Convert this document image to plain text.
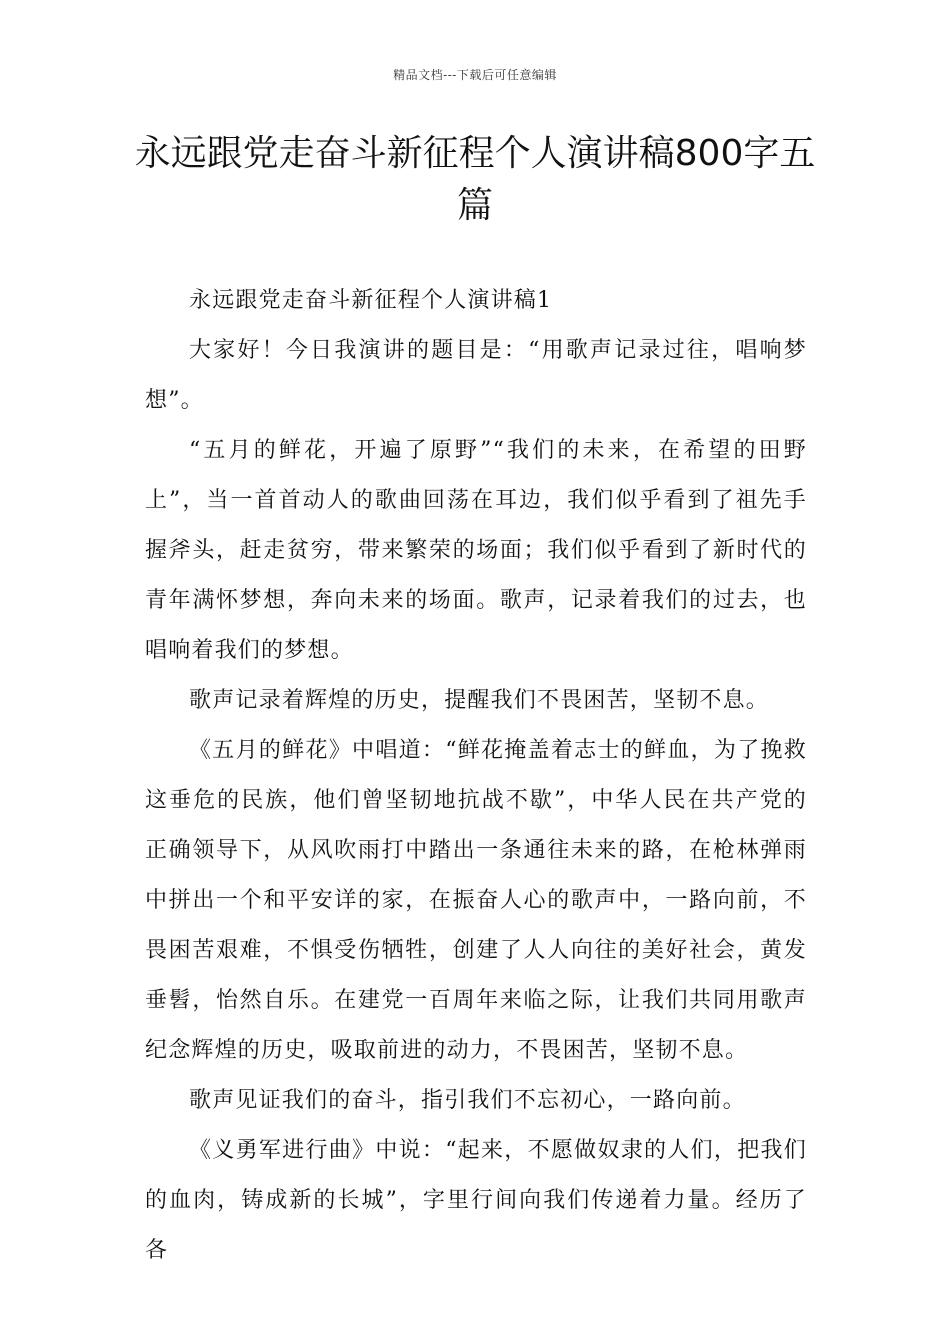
精品文档---下载后可任意编辑
永远跟党走奋斗新征程个人演讲稿800字五篇

永远跟党走奋斗新征程个人演讲稿1

大家好！今日我演讲的题目是：“用歌声记录过往，唱响梦想”。

“五月的鲜花，开遍了原野”“我们的未来，在希望的田野上”，当一首首动人的歌曲回荡在耳边，我们似乎看到了祖先手握斧头，赶走贫穷，带来繁荣的场面；我们似乎看到了新时代的青年满怀梦想，奔向未来的场面。歌声，记录着我们的过去，也唱响着我们的梦想。

歌声记录着辉煌的历史，提醒我们不畏困苦，坚韧不息。

《五月的鲜花》中唱道：“鲜花掩盖着志士的鲜血，为了挽救这垂危的民族，他们曾坚韧地抗战不歇”，中华人民在共产党的正确领导下，从风吹雨打中踏出一条通往未来的路，在枪林弹雨中拼出一个和平安详的家，在振奋人心的歌声中，一路向前，不畏困苦艰难，不惧受伤牺牲，创建了人人向往的美好社会，黄发垂髫，怡然自乐。在建党一百周年来临之际，让我们共同用歌声纪念辉煌的历史，吸取前进的动力，不畏困苦，坚韧不息。

歌声见证我们的奋斗，指引我们不忘初心，一路向前。

《义勇军进行曲》中说：“起来，不愿做奴隶的人们，把我们的血肉，铸成新的长城”，字里行间向我们传递着力量。经历了各
